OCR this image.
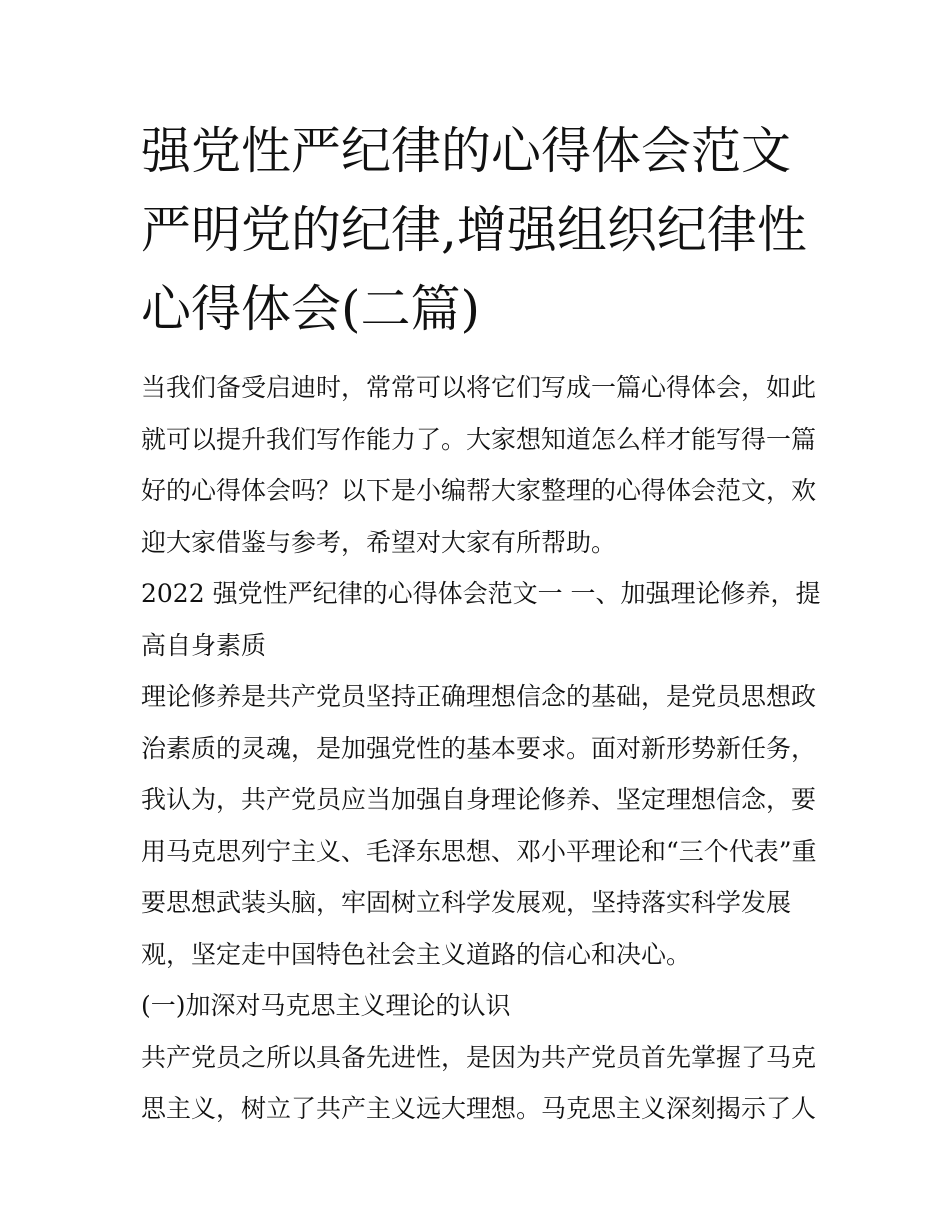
强党性严纪律的心得体会范文
严明党的纪律,增强组织纪律性
心得体会(二篇)
当我们备受启迪时，常常可以将它们写成一篇心得体会，如此
就可以提升我们写作能力了。大家想知道怎么样才能写得一篇
好的心得体会吗？以下是小编帮大家整理的心得体会范文，欢
迎大家借鉴与参考，希望对大家有所帮助。
2022 强党性严纪律的心得体会范文一 一、加强理论修养，提
高自身素质
理论修养是共产党员坚持正确理想信念的基础，是党员思想政
治素质的灵魂，是加强党性的基本要求。面对新形势新任务，
我认为，共产党员应当加强自身理论修养、坚定理想信念，要
用马克思列宁主义、毛泽东思想、邓小平理论和“三个代表”重
要思想武装头脑，牢固树立科学发展观，坚持落实科学发展
观，坚定走中国特色社会主义道路的信心和决心。
(一)加深对马克思主义理论的认识
共产党员之所以具备先进性，是因为共产党员首先掌握了马克
思主义，树立了共产主义远大理想。马克思主义深刻揭示了人
